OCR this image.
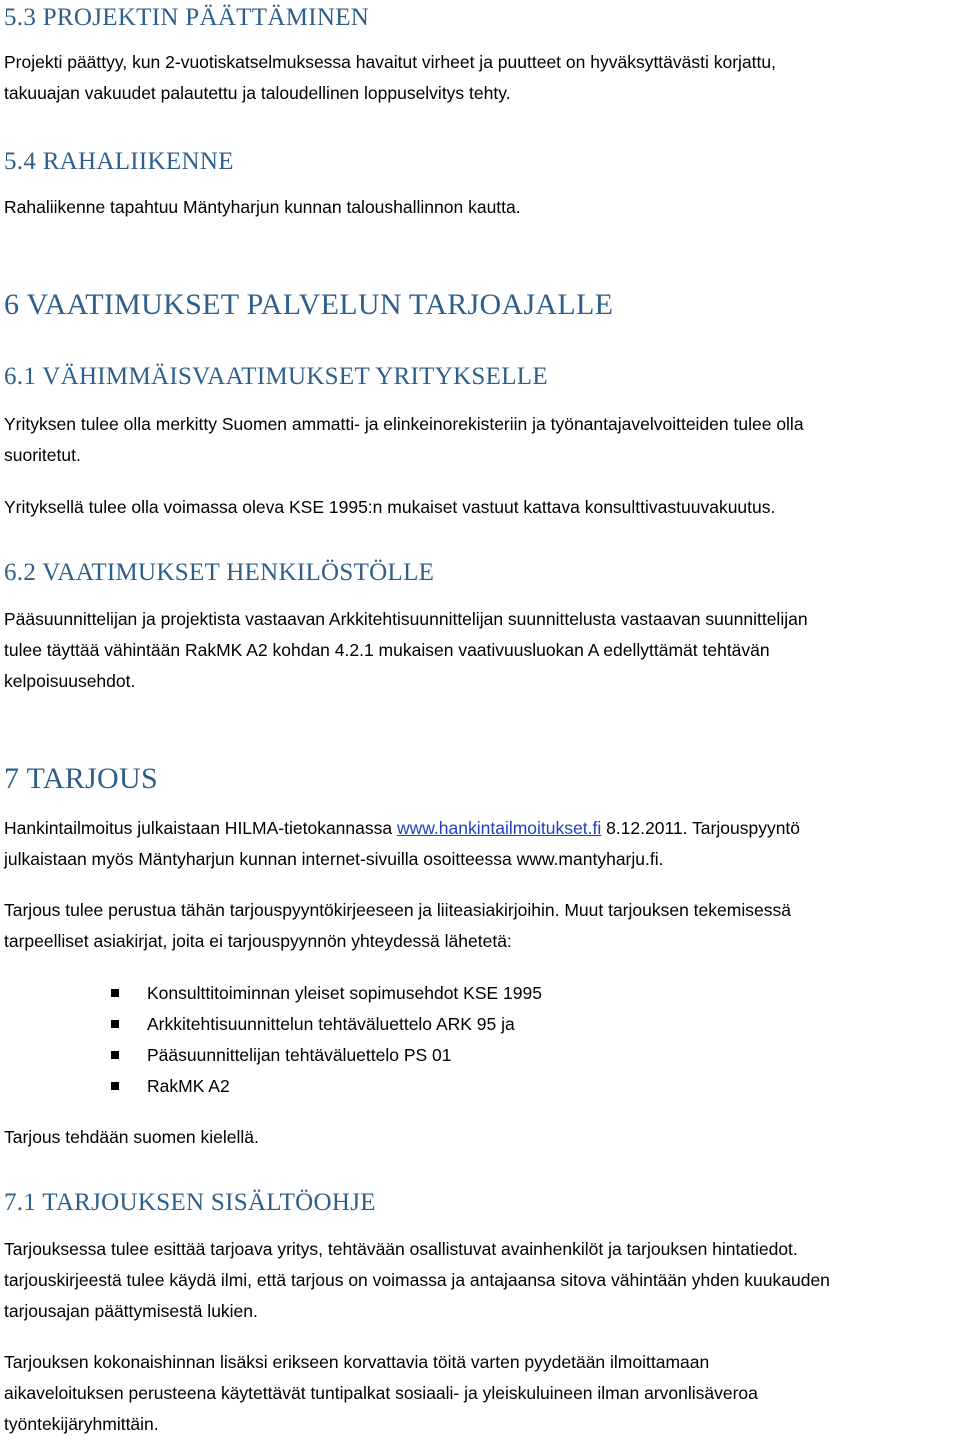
5.3 PROJEKTIN PÄÄTTÄMINEN

Projekti päättyy, kun 2-vuotiskatselmuksessa havaitut virheet ja puutteet on hyväksyttävästi korjattu,
takuuajan vakuudet palautettu ja taloudellinen loppuselvitys tehty.

5.4 RAHALIIKENNE

Rahaliikenne tapahtuu Mäntyharjun kunnan taloushallinnon kautta.

6 VAATIMUKSET PALVELUN TARJOAJALLE
6.1 VÄHIMMÄISVAATIMUKSET YRITYKSELLE

Yrityksen tulee olla merkitty Suomen ammatti- ja elinkeinorekisteriin ja työnantajavelvoitteiden tulee olla
suoritetut.

Yrityksellä tulee olla voimassa oleva KSE 1995:n mukaiset vastuut kattava konsulttivastuuvakuutus.

6.2 VAATIMUKSET HENKILÖSTÖLLE

Pääsuunnittelijan ja projektista vastaavan Arkkitehtisuunnittelijan suunnittelusta vastaavan suunnittelijan
tulee täyttää vähintään RakMK A2 kohdan 4.2.1 mukaisen vaativuusluokan A edellyttämät tehtävän
kelpoisuusehdot.

7 TARJOUS

Hankintailmoitus julkaistaan HILMA-tietokannassa www.hankintailmoitukset.fi 8.12.2011. Tarjouspyyntö
julkaistaan myös Mäntyharjun kunnan internet-sivuilla osoitteessa www.mantyharju.fi.

Tarjous tulee perustua tähän tarjouspyyntökirjeeseen ja liiteasiakirjoihin. Muut tarjouksen tekemisessä
tarpeelliset asiakirjat, joita ei tarjouspyynnön yhteydessä lähetetä:

Konsulttitoiminnan yleiset sopimusehdot KSE 1995
Arkkitehtisuunnittelun tehtäväluettelo ARK 95 ja
Pääsuunnittelijan tehtäväluettelo PS 01
RakMK A2

Tarjous tehdään suomen kielellä.

7.1 TARJOUKSEN SISÄLTÖOHJE

Tarjouksessa tulee esittää tarjoava yritys, tehtävään osallistuvat avainhenkilöt ja tarjouksen hintatiedot.
tarjouskirjeestä tulee käydä ilmi, että tarjous on voimassa ja antajaansa sitova vähintään yhden kuukauden
tarjousajan päättymisestä lukien.

Tarjouksen kokonaishinnan lisäksi erikseen korvattavia töitä varten pyydetään ilmoittamaan
aikaveloituksen perusteena käytettävät tuntipalkat sosiaali- ja yleiskuluineen ilman arvonlisäveroa
työntekijäryhmittäin.
